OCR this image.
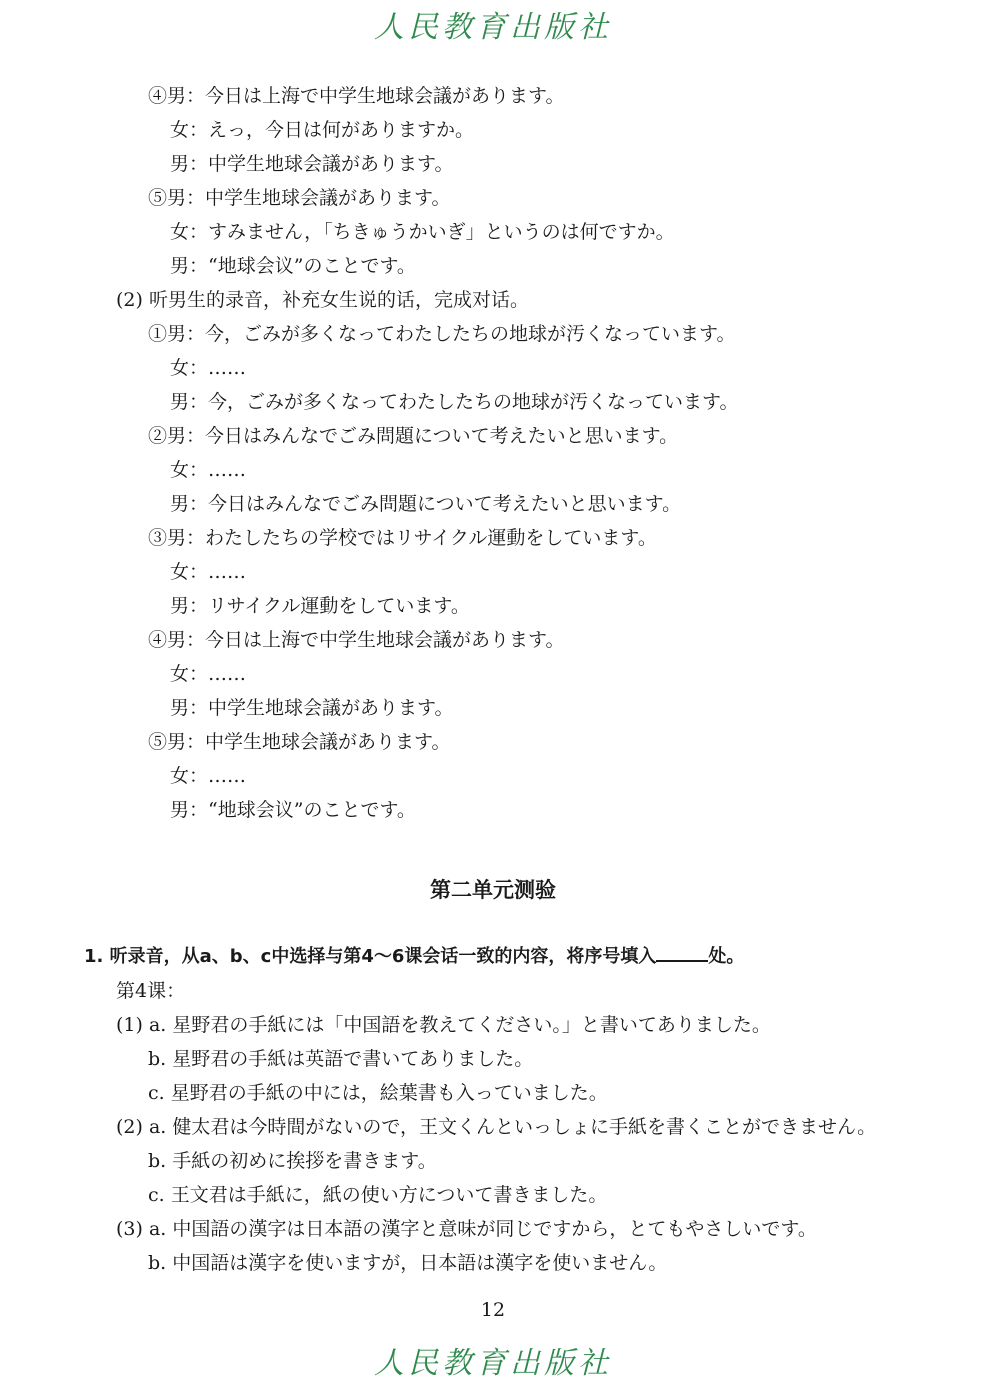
人民教育出版社
④男：今日は上海で中学生地球会議があります。
女：えっ，今日は何がありますか。
男：中学生地球会議があります。
⑤男：中学生地球会議があります。
女：すみません，「ちきゅうかいぎ」というのは何ですか。
男：“地球会议”のことです。
(2) 听男生的录音，补充女生说的话，完成对话。
①男：今，ごみが多くなってわたしたちの地球が汚くなっています。
女：……
男：今，ごみが多くなってわたしたちの地球が汚くなっています。
②男：今日はみんなでごみ問題について考えたいと思います。
女：……
男：今日はみんなでごみ問題について考えたいと思います。
③男：わたしたちの学校ではリサイクル運動をしています。
女：……
男：リサイクル運動をしています。
④男：今日は上海で中学生地球会議があります。
女：……
男：中学生地球会議があります。
⑤男：中学生地球会議があります。
女：……
男：“地球会议”のことです。
第二单元测验
1. 听录音，从a、b、c中选择与第4～6课会话一致的内容，将序号填入	处。
第4课：
(1) a. 星野君の手紙には「中国語を教えてください。」と書いてありました。
b. 星野君の手紙は英語で書いてありました。
c. 星野君の手紙の中には，絵葉書も入っていました。
(2) a. 健太君は今時間がないので，王文くんといっしょに手紙を書くことができません。
b. 手紙の初めに挨拶を書きます。
c. 王文君は手紙に，紙の使い方について書きました。
(3) a. 中国語の漢字は日本語の漢字と意味が同じですから，とてもやさしいです。
b. 中国語は漢字を使いますが，日本語は漢字を使いません。
12
人民教育出版社
